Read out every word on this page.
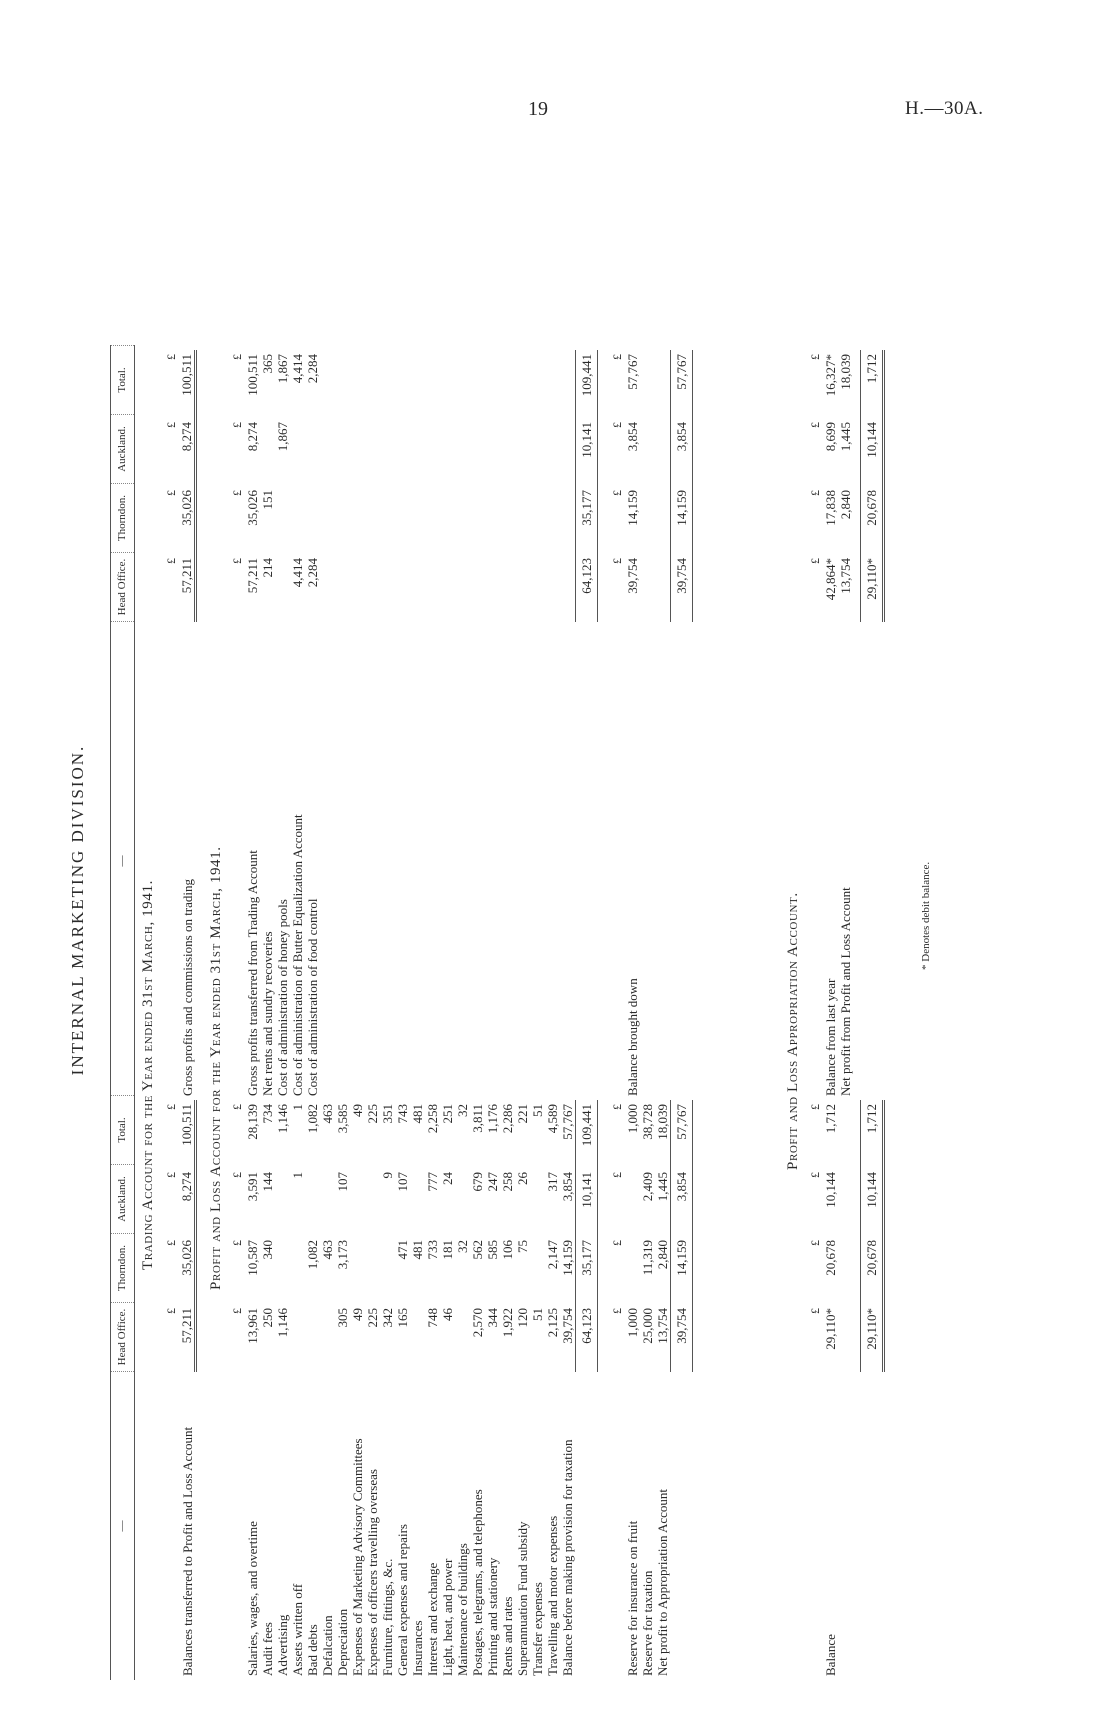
19	H.—30A.
INTERNAL MARKETING DIVISION.
—	Head Office.	Thorndon.	Auckland.	Total.
—	Head Office.	Thorndon.	Auckland.	Total.
Trading Account for the Year ended 31st March, 1941.
	£	£	£	£
Balances transferred to Profit and Loss Account	57,211	35,026	8,274	100,511
	£	£	£	£
Gross profits and commissions on trading	57,211	35,026	8,274	100,511
Profit and Loss Account for the Year ended 31st March, 1941.
	£	£	£	£
Salaries, wages, and overtime	13,961	10,587	3,591	28,139
Audit fees	250	340	144	734
Advertising	1,146			1,146
Assets written off			1	1
Bad debts		1,082		1,082
Defalcation		463		463
Depreciation	305	3,173	107	3,585
Expenses of Marketing Advisory Committees	49			49
Expenses of officers travelling overseas	225			225
Furniture, fittings, &c.	342		9	351
General expenses and repairs	165	471	107	743
Insurances		481		481
Interest and exchange	748	733	777	2,258
Light, heat, and power	46	181	24	251
Maintenance of buildings		32		32
Postages, telegrams, and telephones	2,570	562	679	3,811
Printing and stationery	344	585	247	1,176
Rents and rates	1,922	106	258	2,286
Superannuation Fund subsidy	120	75	26	221
Transfer expenses	51			51
Travelling and motor expenses	2,125	2,147	317	4,589
Balance before making provision for taxation	39,754	14,159	3,854	57,767
	64,123	35,177	10,141	109,441

	£	£	£	£
Reserve for insurance on fruit	1,000			1,000
Reserve for taxation	25,000	11,319	2,409	38,728
Net profit to Appropriation Account	13,754	2,840	1,445	18,039
	39,754	14,159	3,854	57,767
	£	£	£	£
Gross profits transferred from Trading Account	57,211	35,026	8,274	100,511
Net rents and sundry recoveries	214	151		365
Cost of administration of honey pools			1,867	1,867
Cost of administration of Butter Equalization Account	4,414			4,414
Cost of administration of food control	2,284			2,284

	64,123	35,177	10,141	109,441

	£	£	£	£
Balance brought down	39,754	14,159	3,854	57,767

	39,754	14,159	3,854	57,767
Profit and Loss Appropriation Account.
	£	£	£	£
Balance	29,110*	20,678	10,144	1,712

	29,110*	20,678	10,144	1,712
	£	£	£	£
Balance from last year	42,864*	17,838	8,699	16,327*
Net profit from Profit and Loss Account	13,754	2,840	1,445	18,039

	29,110*	20,678	10,144	1,712
* Denotes debit balance.
